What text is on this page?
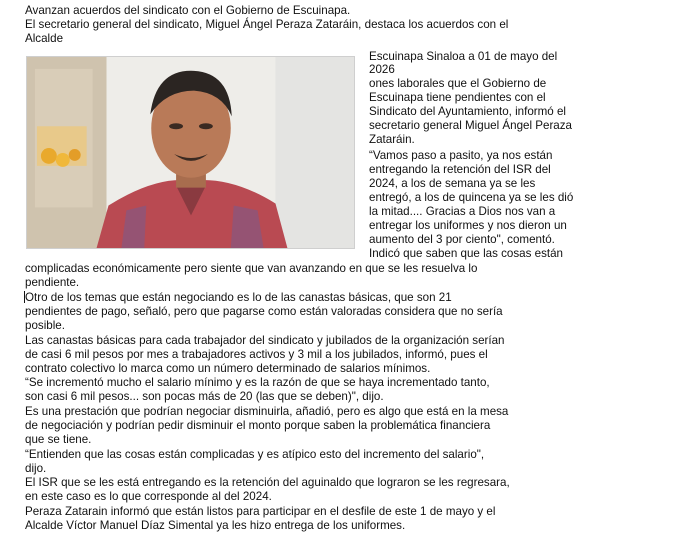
Avanzan acuerdos del sindicato con el Gobierno de Escuinapa.

El secretario general del sindicato, Miguel Ángel Peraza Zataráin, destaca los acuerdos con el

Alcalde

Escuinapa Sinaloa a 01 de mayo del

2026

ones laborales que el Gobierno de

Escuinapa tiene pendientes con el

Sindicato del Ayuntamiento, informó el

secretario general Miguel Ángel Peraza

Zataráin.

“Vamos paso a pasito, ya nos están

entregando la retención del ISR del

2024, a los de semana ya se les

entregó, a los de quincena ya se les dió

la mitad.... Gracias a Dios nos van a

entregar los uniformes y nos dieron un

aumento del 3 por ciento", comentó.

Indicó que saben que las cosas están

complicadas económicamente pero siente que van avanzando en que se les resuelva lo

pendiente.

Otro de los temas que están negociando es lo de las canastas básicas, que son 21

pendientes de pago, señaló, pero que pagarse como están valoradas considera que no sería

posible.

Las canastas básicas para cada trabajador del sindicato y jubilados de la organización serían

de casi 6 mil pesos por mes a trabajadores activos y 3 mil a los jubilados, informó, pues el

contrato colectivo lo marca como un número determinado de salarios mínimos.

“Se incrementó mucho el salario mínimo y es la razón de que se haya incrementado tanto,

son casi 6 mil pesos... son pocas más de 20 (las que se deben)", dijo.

Es una prestación que podrían negociar disminuirla, añadió, pero es algo que está en la mesa

de negociación y podrían pedir disminuir el monto porque saben la problemática financiera

que se tiene.

“Entienden que las cosas están complicadas y es atípico esto del incremento del salario",

dijo.

El ISR que se les está entregando es la retención del aguinaldo que lograron se les regresara,

en este caso es lo que corresponde al del 2024.

Peraza Zatarain informó que están listos para participar en el desfile de este 1 de mayo y el

Alcalde Víctor Manuel Díaz Simental ya les hizo entrega de los uniformes.
